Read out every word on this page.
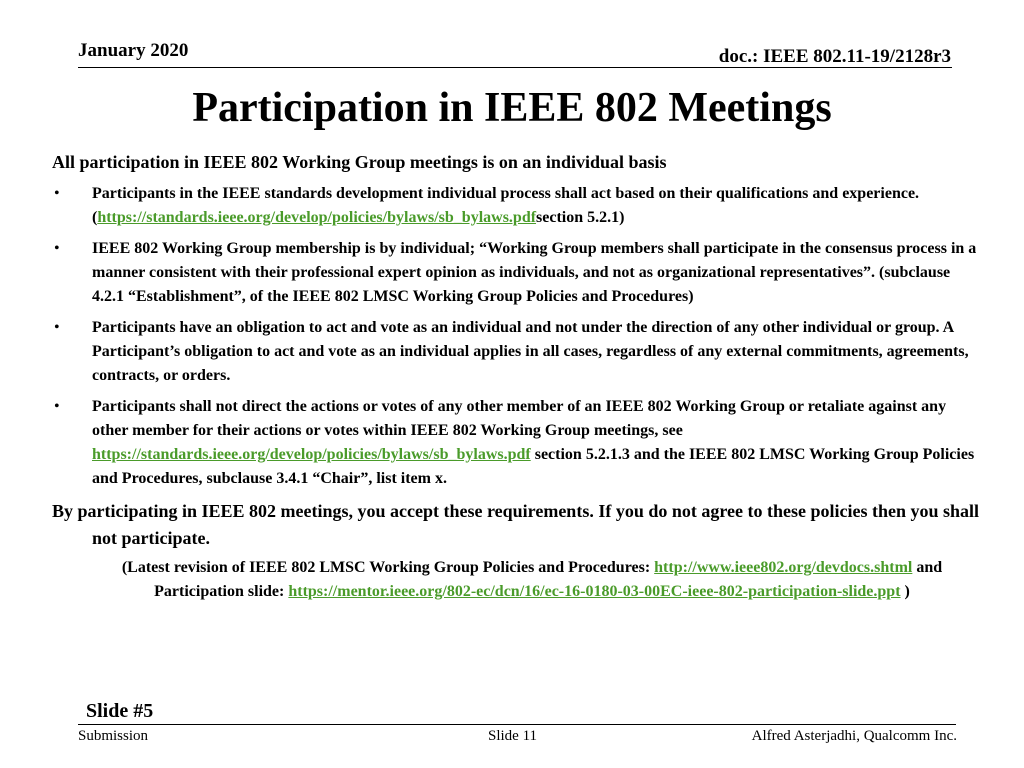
January 2020	doc.: IEEE 802.11-19/2128r3
Participation in IEEE 802 Meetings
All participation in IEEE 802 Working Group meetings is on an individual basis
• Participants in the IEEE standards development individual process shall act based on their qualifications and experience. (https://standards.ieee.org/develop/policies/bylaws/sb_bylaws.pdfsection 5.2.1)
• IEEE 802 Working Group membership is by individual; “Working Group members shall participate in the consensus process in a manner consistent with their professional expert opinion as individuals, and not as organizational representatives”. (subclause 4.2.1 “Establishment”, of the IEEE 802 LMSC Working Group Policies and Procedures)
• Participants have an obligation to act and vote as an individual and not under the direction of any other individual or group. A Participant’s obligation to act and vote as an individual applies in all cases, regardless of any external commitments, agreements, contracts, or orders.
• Participants shall not direct the actions or votes of any other member of an IEEE 802 Working Group or retaliate against any other member for their actions or votes within IEEE 802 Working Group meetings, see https://standards.ieee.org/develop/policies/bylaws/sb_bylaws.pdf section 5.2.1.3 and the IEEE 802 LMSC Working Group Policies and Procedures, subclause 3.4.1 “Chair”, list item x.
By participating in IEEE 802 meetings, you accept these requirements. If you do not agree to these policies then you shall not participate.
(Latest revision of IEEE 802 LMSC Working Group Policies and Procedures: http://www.ieee802.org/devdocs.shtml and Participation slide: https://mentor.ieee.org/802-ec/dcn/16/ec-16-0180-03-00EC-ieee-802-participation-slide.ppt )
Slide #5
Submission	Slide 11	Alfred Asterjadhi, Qualcomm Inc.
